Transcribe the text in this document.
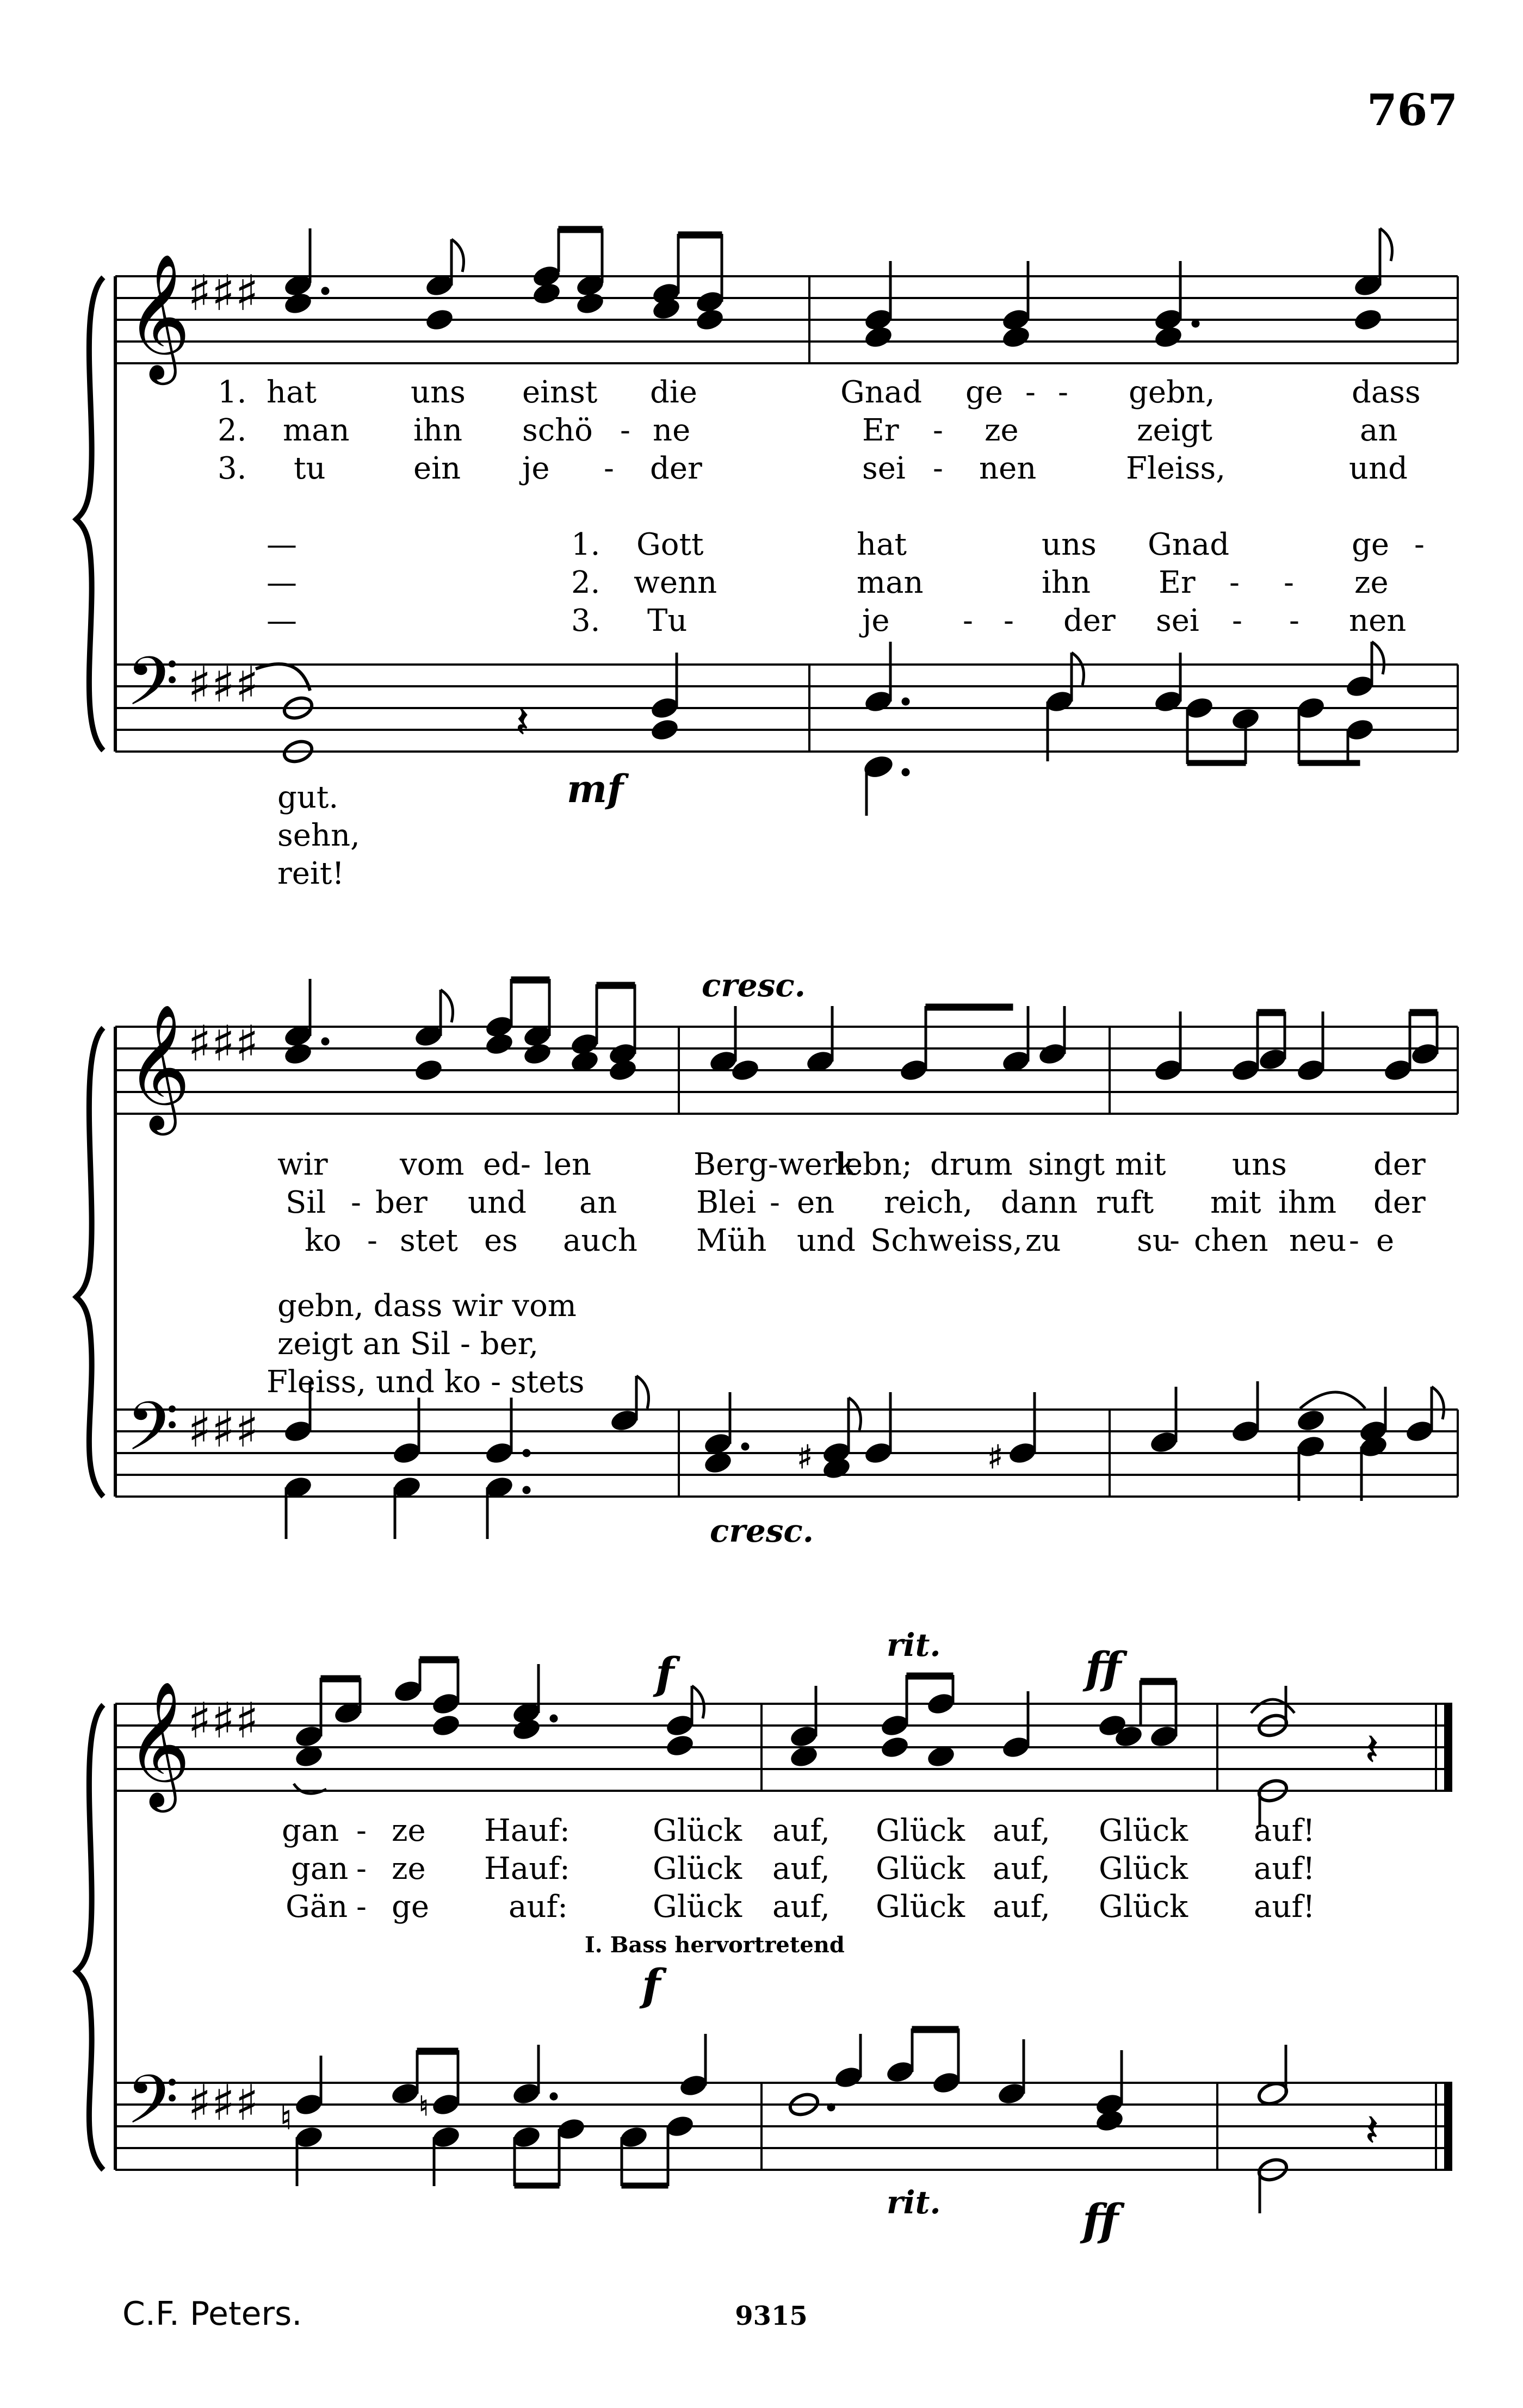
767
C.F. Peters.	9315
𝄞
♯♯♯
1. hat	uns einst die	Gnad ge - - gebn,	dass
2. man ihn schö - ne	Er - ze	zeigt	an
3. tu	ein je - der	sei - nen	Fleiss,	und
—	1. Gott	hat	uns Gnad	ge -
—	2. wenn	man	ihn Er - - ze
—	3. Tu	je - - der sei - - nen
𝄢 ♯♯♯
𝄽
mf
gut.
sehn,
reit!
cresc.
𝄞
♯♯♯
wir vom ed- len	Berg-werk
lebn; drum singt mit uns	der
Sil - ber und an	Blei - en reich, dann ruft mit ihm der
ko - stet es auch Müh und Schweiss, zu su
- chen neu - e
gebn, dass wir vom
zeigt an Sil - ber,
Fleiss, und ko - stets
𝄢 ♯♯♯	♯	♯
cresc.
f
rit.	ff
𝄞
♯♯♯
𝄽
gan - ze Hauf:	Glück auf, Glück auf, Glück auf!
gan - ze Hauf:	Glück auf, Glück auf, Glück auf!
Gän - ge	auf:	Glück auf, Glück auf, Glück auf!
I. Bass hervortretend
f
𝄢 ♯♯♯ ♮	♮	𝄽
rit.	ff
